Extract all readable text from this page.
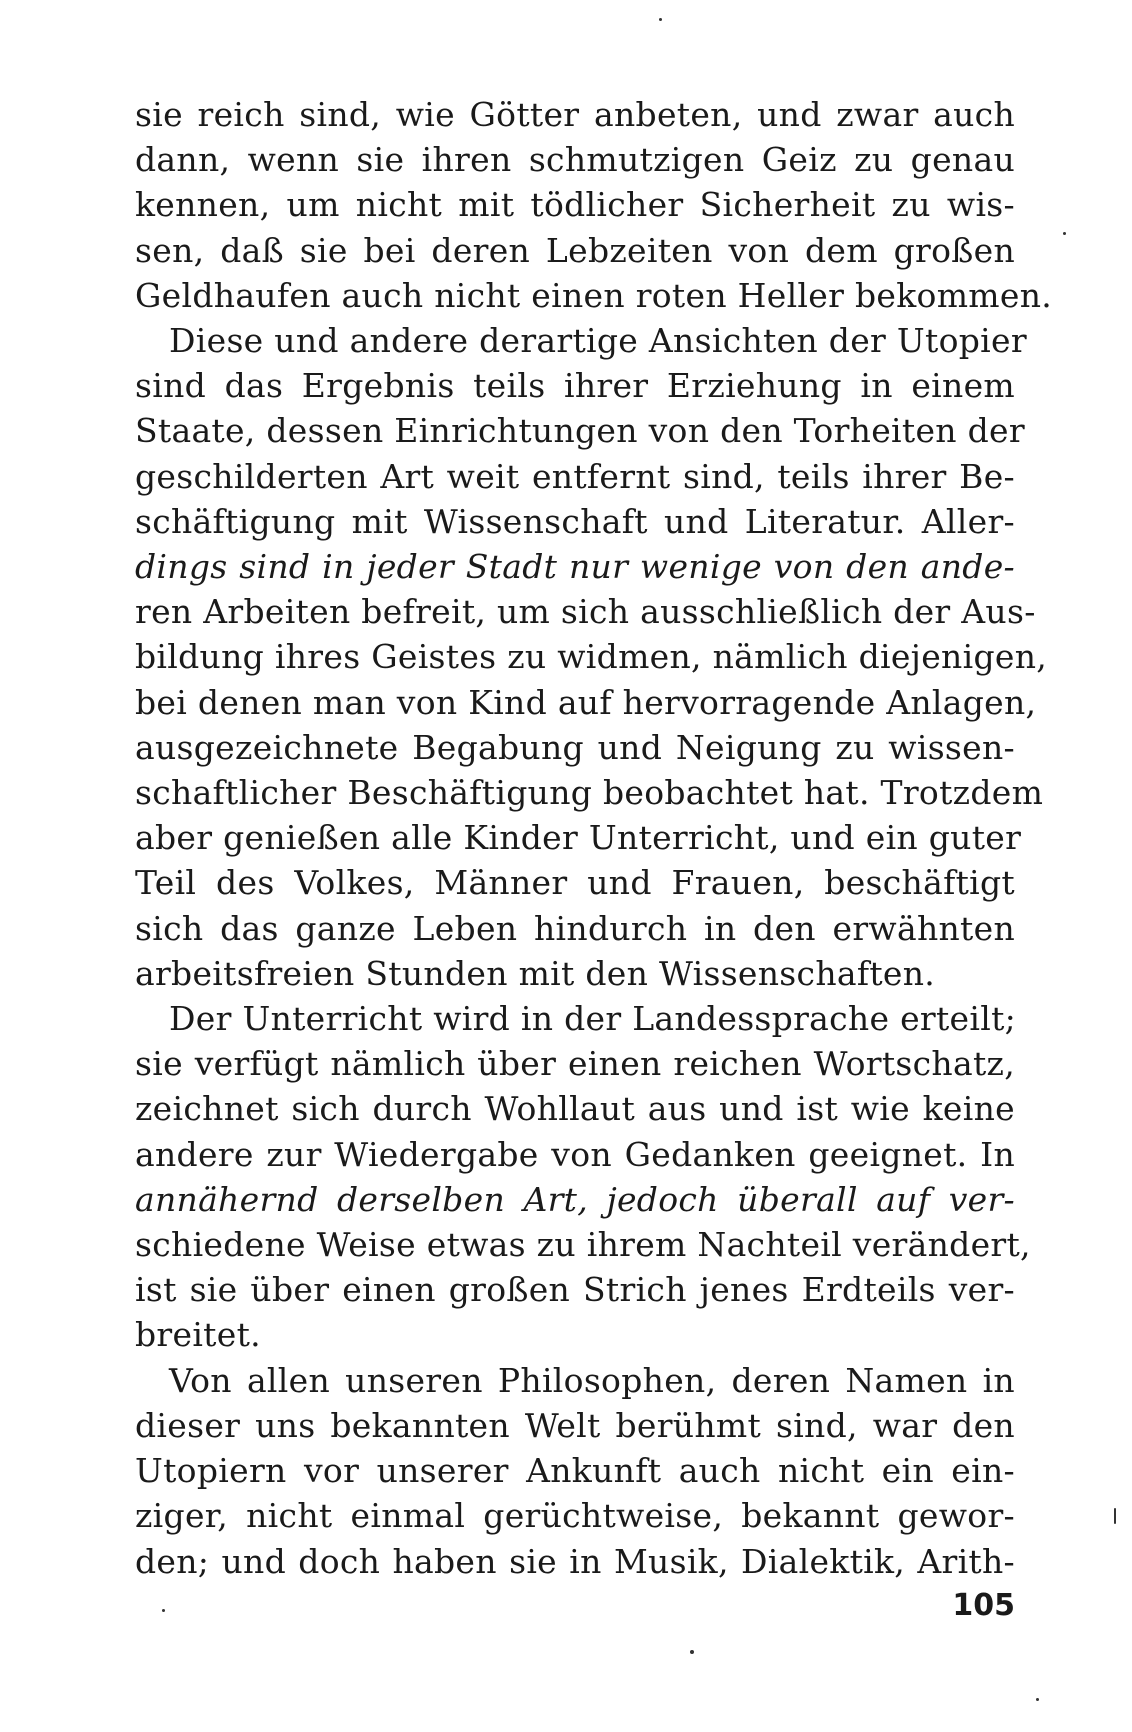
sie reich sind, wie Götter anbeten, und zwar auch
dann, wenn sie ihren schmutzigen Geiz zu genau
kennen, um nicht mit tödlicher Sicherheit zu wis-
sen, daß sie bei deren Lebzeiten von dem großen
Geldhaufen auch nicht einen roten Heller bekommen.
Diese und andere derartige Ansichten der Utopier
sind das Ergebnis teils ihrer Erziehung in einem
Staate, dessen Einrichtungen von den Torheiten der
geschilderten Art weit entfernt sind, teils ihrer Be-
schäftigung mit Wissenschaft und Literatur. Aller-
dings sind in jeder Stadt nur wenige von den ande-
ren Arbeiten befreit, um sich ausschließlich der Aus-
bildung ihres Geistes zu widmen, nämlich diejenigen,
bei denen man von Kind auf hervorragende Anlagen,
ausgezeichnete Begabung und Neigung zu wissen-
schaftlicher Beschäftigung beobachtet hat. Trotzdem
aber genießen alle Kinder Unterricht, und ein guter
Teil des Volkes, Männer und Frauen, beschäftigt
sich das ganze Leben hindurch in den erwähnten
arbeitsfreien Stunden mit den Wissenschaften.
Der Unterricht wird in der Landessprache erteilt;
sie verfügt nämlich über einen reichen Wortschatz,
zeichnet sich durch Wohllaut aus und ist wie keine
andere zur Wiedergabe von Gedanken geeignet. In
annähernd derselben Art, jedoch überall auf ver-
schiedene Weise etwas zu ihrem Nachteil verändert,
ist sie über einen großen Strich jenes Erdteils ver-
breitet.
Von allen unseren Philosophen, deren Namen in
dieser uns bekannten Welt berühmt sind, war den
Utopiern vor unserer Ankunft auch nicht ein ein-
ziger, nicht einmal gerüchtweise, bekannt gewor-
den; und doch haben sie in Musik, Dialektik, Arith-
105
